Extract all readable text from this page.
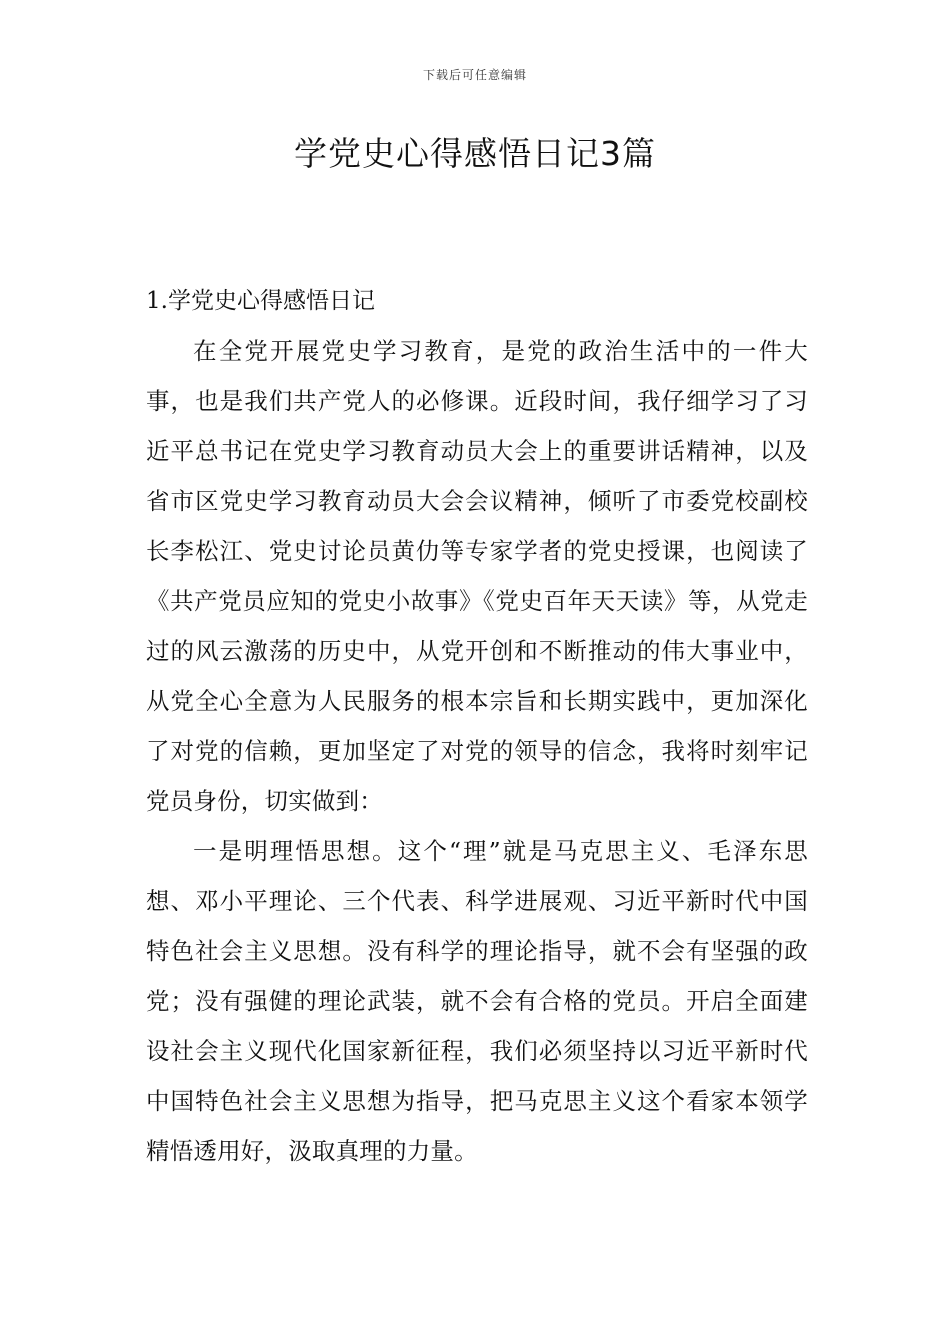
下载后可任意编辑
学党史心得感悟日记3篇
1.学党史心得感悟日记

在全党开展党史学习教育，是党的政治生活中的一件大事，也是我们共产党人的必修课。近段时间，我仔细学习了习近平总书记在党史学习教育动员大会上的重要讲话精神，以及省市区党史学习教育动员大会会议精神，倾听了市委党校副校长李松江、党史讨论员黄仂等专家学者的党史授课，也阅读了《共产党员应知的党史小故事》《党史百年天天读》等，从党走过的风云激荡的历史中，从党开创和不断推动的伟大事业中，从党全心全意为人民服务的根本宗旨和长期实践中，更加深化了对党的信赖，更加坚定了对党的领导的信念，我将时刻牢记党员身份，切实做到：

一是明理悟思想。这个“理”就是马克思主义、毛泽东思想、邓小平理论、三个代表、科学进展观、习近平新时代中国特色社会主义思想。没有科学的理论指导，就不会有坚强的政党；没有强健的理论武装，就不会有合格的党员。开启全面建设社会主义现代化国家新征程，我们必须坚持以习近平新时代中国特色社会主义思想为指导，把马克思主义这个看家本领学精悟透用好，汲取真理的力量。
